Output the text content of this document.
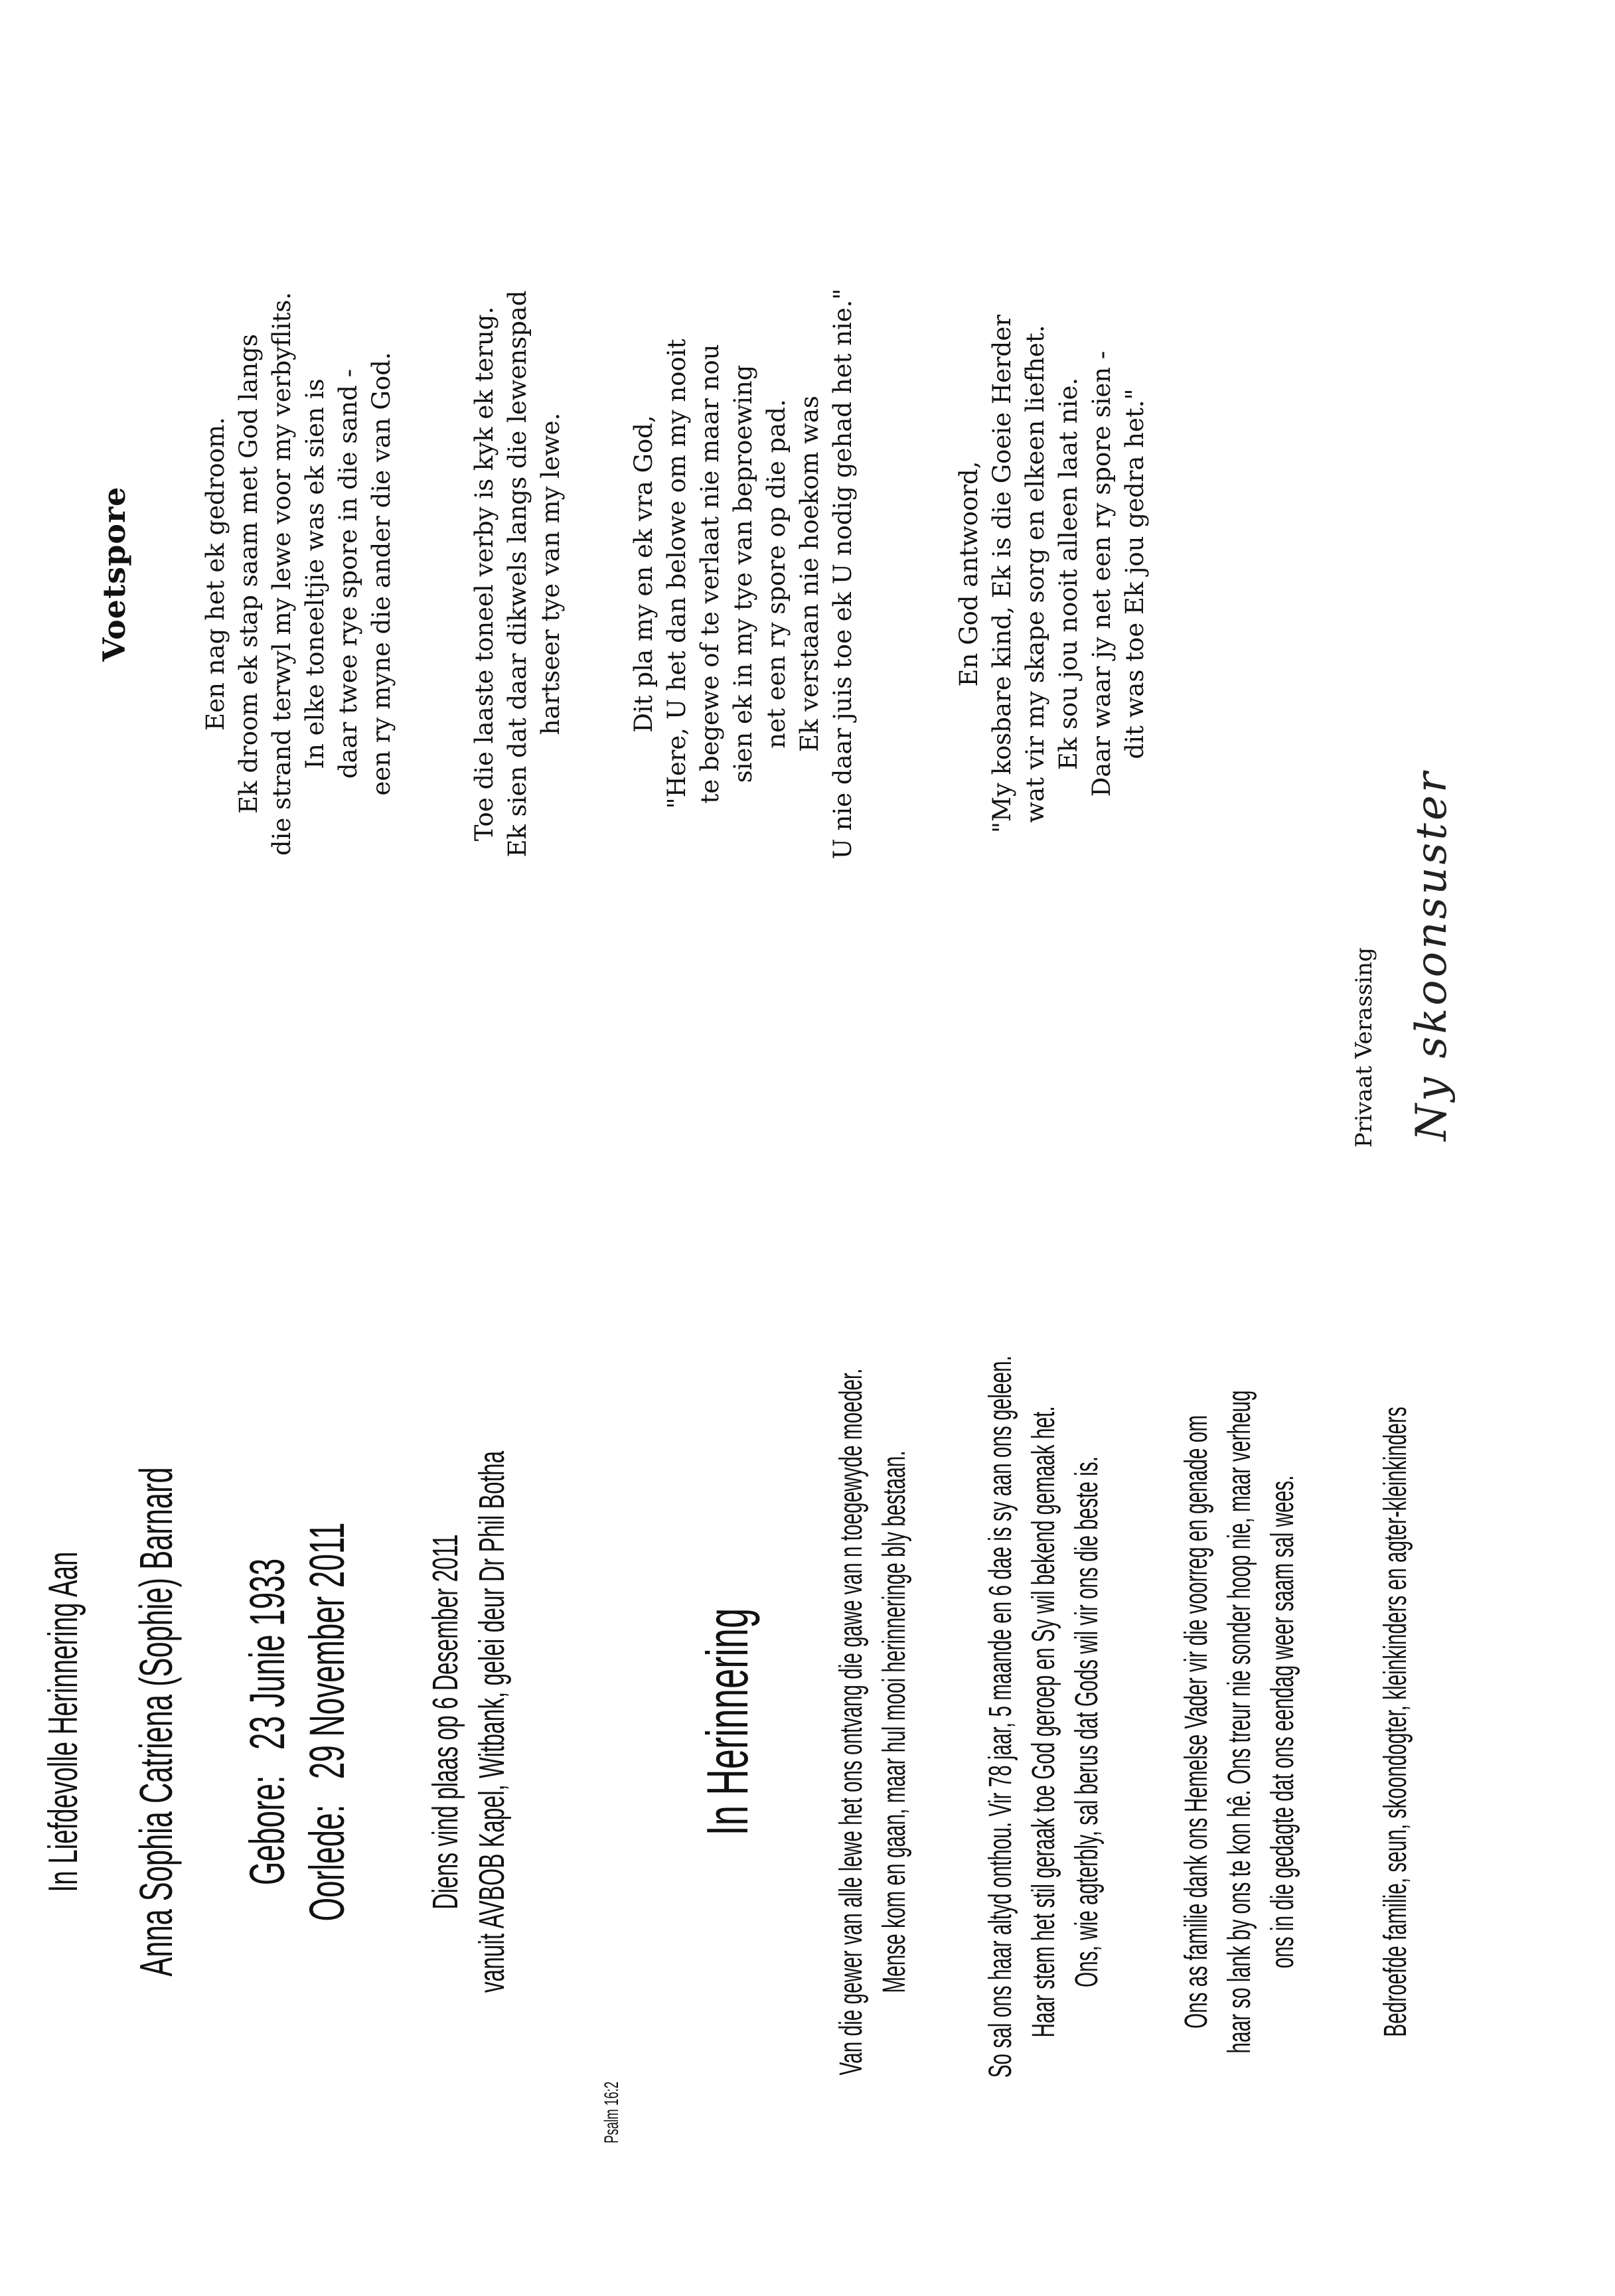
In Liefdevolle Herinnering Aan Anna Sophia Catriena (Sophie) Barnard Gebore:   23 Junie 1933
Oorlede:   29 November 2011 Diens vind plaas op 6 Desember 2011 vanuit AVBOB Kapel, Witbank, gelei deur Dr Phil Botha
Psalm 16:2
In Herinnering Van die gewer van alle lewe het ons ontvang die gawe van n toegewyde moeder. Mense kom en gaan, maar hul mooi herinneringe bly bestaan. So sal ons haar altyd onthou. Vir 78 jaar, 5 maande en 6 dae is sy aan ons geleen. Haar stem het stil geraak toe God geroep en Sy wil bekend gemaak het. Ons, wie agterbly, sal berus dat Gods wil vir ons die beste is. Ons as familie dank ons Hemelse Vader vir die voorreg en genade om haar so lank by ons te kon hê. Ons treur nie sonder hoop nie, maar verheug ons in die gedagte dat ons eendag weer saam sal wees. Bedroefde familie, seun, skoondogter, kleinkinders en agter-kleinkinders
Voetspore	Een nag het ek gedroom. Ek droom ek stap saam met God langs die strand terwyl my lewe voor my verbyflits. In elke toneeltjie was ek sien is daar twee rye spore in die sand - een ry myne die ander die van God.	Toe die laaste toneel verby is kyk ek terug. Ek sien dat daar dikwels langs die lewenspad hartseer tye van my lewe.	Dit pla my en ek vra God, "Here, U het dan belowe om my nooit te begewe of te verlaat nie maar nou sien ek in my tye van beproewing net een ry spore op die pad. Ek verstaan nie hoekom was U nie daar juis toe ek U nodig gehad het nie."	En God antwoord, "My kosbare kind, Ek is die Goeie Herder wat vir my skape sorg en elkeen liefhet. Ek sou jou nooit alleen laat nie. Daar waar jy net een ry spore sien - dit was toe Ek jou gedra het."
Privaat Verassing Ny skoonsuster
